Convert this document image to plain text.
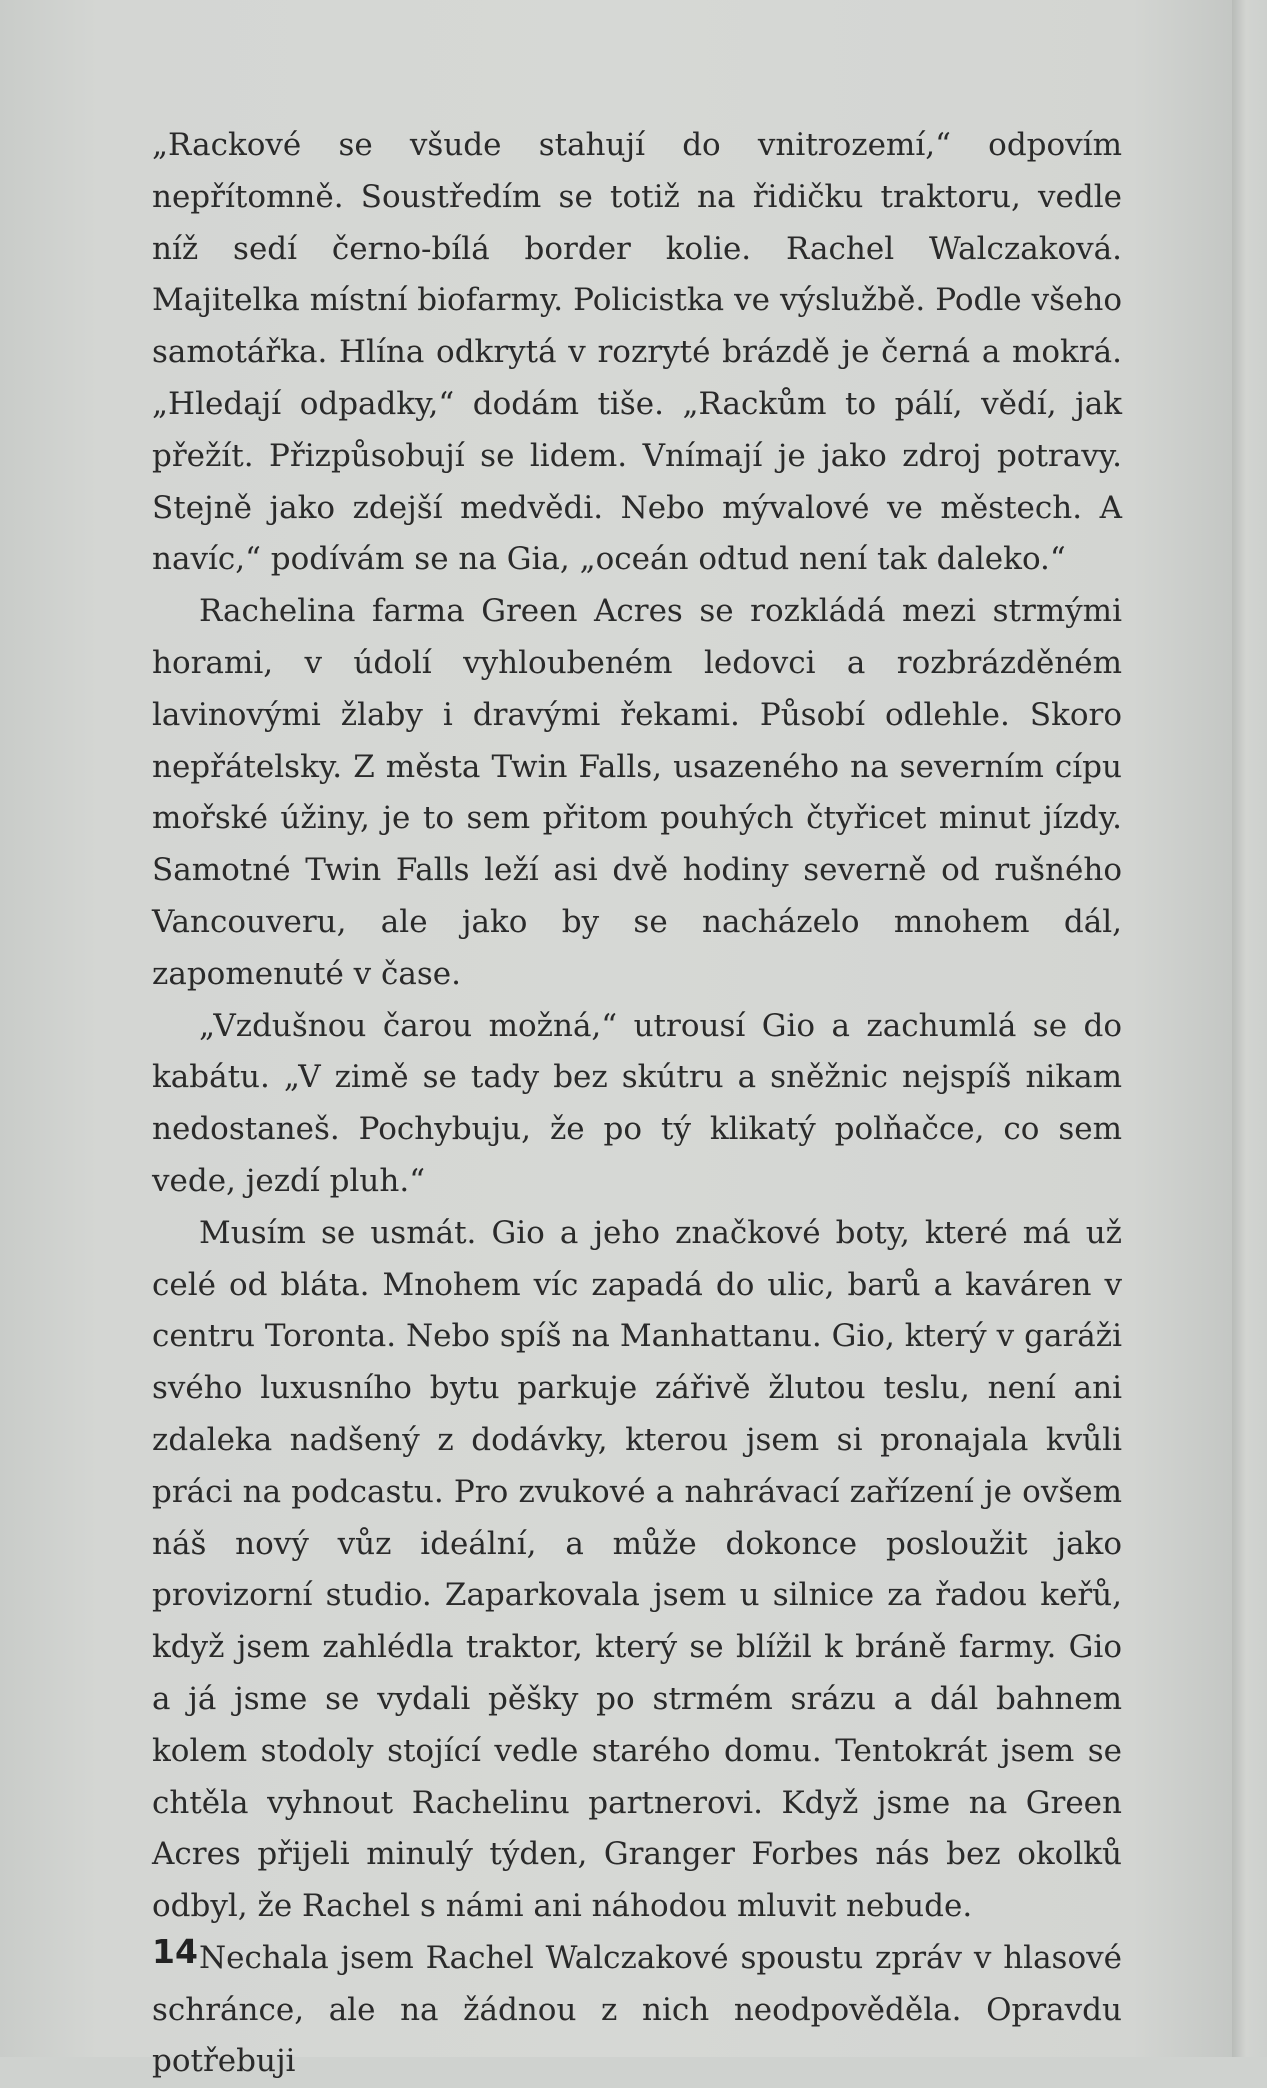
„Rackové se všude stahují do vnitrozemí,“ odpovím nepřítomně. Soustředím se totiž na řidičku traktoru, vedle níž sedí černo-bílá border kolie. Rachel Walczaková. Majitelka místní biofarmy. Policistka ve výslužbě. Podle všeho samotářka. Hlína odkrytá v rozryté brázdě je černá a mokrá. „Hledají odpadky,“ dodám tiše. „Rackům to pálí, vědí, jak přežít. Přizpůsobují se lidem. Vnímají je jako zdroj potravy. Stejně jako zdejší medvědi. Nebo mývalové ve městech. A navíc,“ podívám se na Gia, „oceán odtud není tak daleko.“

Rachelina farma Green Acres se rozkládá mezi strmými horami, v údolí vyhloubeném ledovci a rozbrázděném lavinovými žlaby i dravými řekami. Působí odlehle. Skoro nepřátelsky. Z města Twin Falls, usazeného na severním cípu mořské úžiny, je to sem přitom pouhých čtyřicet minut jízdy. Samotné Twin Falls leží asi dvě hodiny severně od rušného Vancouveru, ale jako by se nacházelo mnohem dál, zapomenuté v čase.

„Vzdušnou čarou možná,“ utrousí Gio a zachumlá se do kabátu. „V zimě se tady bez skútru a sněžnic nejspíš nikam nedostaneš. Pochybuju, že po tý klikatý polňačce, co sem vede, jezdí pluh.“

Musím se usmát. Gio a jeho značkové boty, které má už celé od bláta. Mnohem víc zapadá do ulic, barů a kaváren v centru Toronta. Nebo spíš na Manhattanu. Gio, který v garáži svého luxusního bytu parkuje zářivě žlutou teslu, není ani zdaleka nadšený z dodávky, kterou jsem si pronajala kvůli práci na podcastu. Pro zvukové a nahrávací zařízení je ovšem náš nový vůz ideální, a může dokonce posloužit jako provizorní studio. Zaparkovala jsem u silnice za řadou keřů, když jsem zahlédla traktor, který se blížil k bráně farmy. Gio a já jsme se vydali pěšky po strmém srázu a dál bahnem kolem stodoly stojící vedle starého domu. Tentokrát jsem se chtěla vyhnout Rachelinu partnerovi. Když jsme na Green Acres přijeli minulý týden, Granger Forbes nás bez okolků odbyl, že Rachel s námi ani náhodou mluvit nebude.

Nechala jsem Rachel Walczakové spoustu zpráv v hlasové schránce, ale na žádnou z nich neodpověděla. Opravdu potřebuji

14
